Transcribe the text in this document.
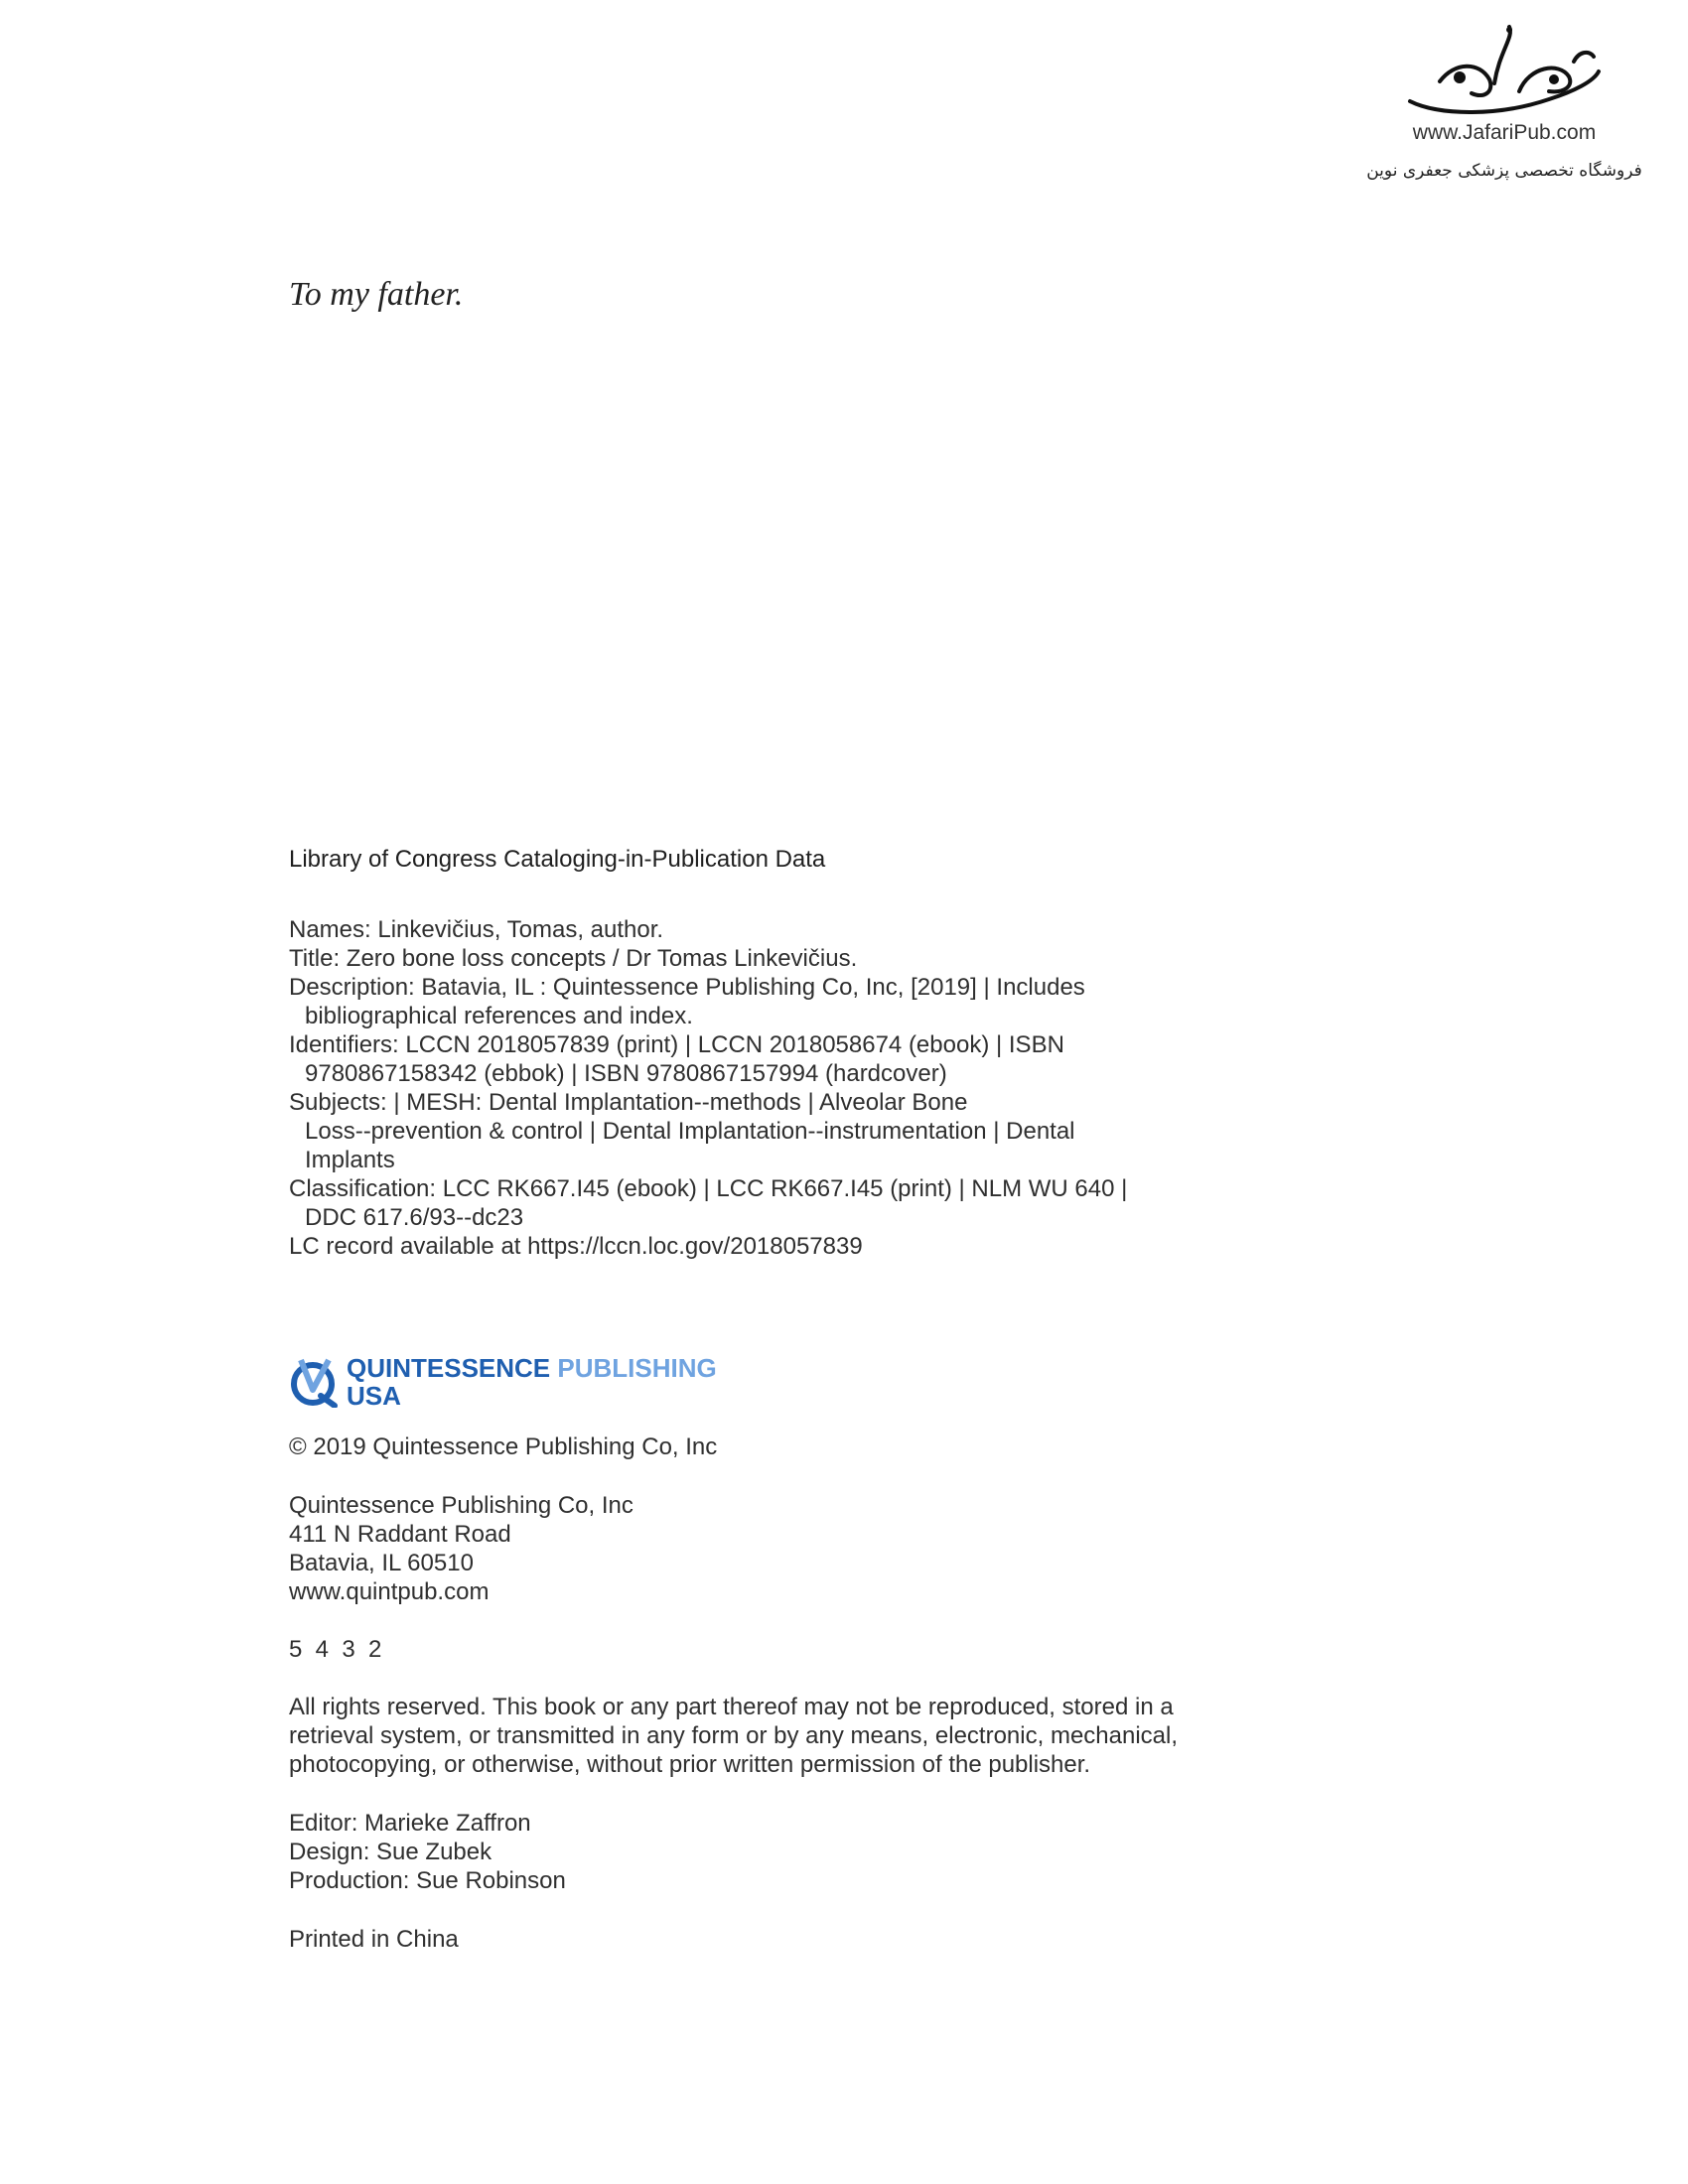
www.JafariPub.com
فروشگاه تخصصی پزشکی جعفری نوین
To my father.
Library of Congress Cataloging-in-Publication Data
Names: Linkevičius, Tomas, author.
Title: Zero bone loss concepts / Dr Tomas Linkevičius.
Description: Batavia, IL : Quintessence Publishing Co, Inc, [2019] | Includes
bibliographical references and index.
Identifiers: LCCN 2018057839 (print) | LCCN 2018058674 (ebook) | ISBN
9780867158342 (ebbok) | ISBN 9780867157994 (hardcover)
Subjects: | MESH: Dental Implantation--methods | Alveolar Bone
Loss--prevention & control | Dental Implantation--instrumentation | Dental
Implants
Classification: LCC RK667.I45 (ebook) | LCC RK667.I45 (print) | NLM WU 640 |
DDC 617.6/93--dc23
LC record available at https://lccn.loc.gov/2018057839
QUINTESSENCE PUBLISHING
USA
© 2019 Quintessence Publishing Co, Inc
Quintessence Publishing Co, Inc
411 N Raddant Road
Batavia, IL 60510
www.quintpub.com
5  4  3  2
All rights reserved. This book or any part thereof may not be reproduced, stored in a
retrieval system, or transmitted in any form or by any means, electronic, mechanical,
photocopying, or otherwise, without prior written permission of the publisher.
Editor: Marieke Zaffron
Design: Sue Zubek
Production: Sue Robinson
Printed in China
